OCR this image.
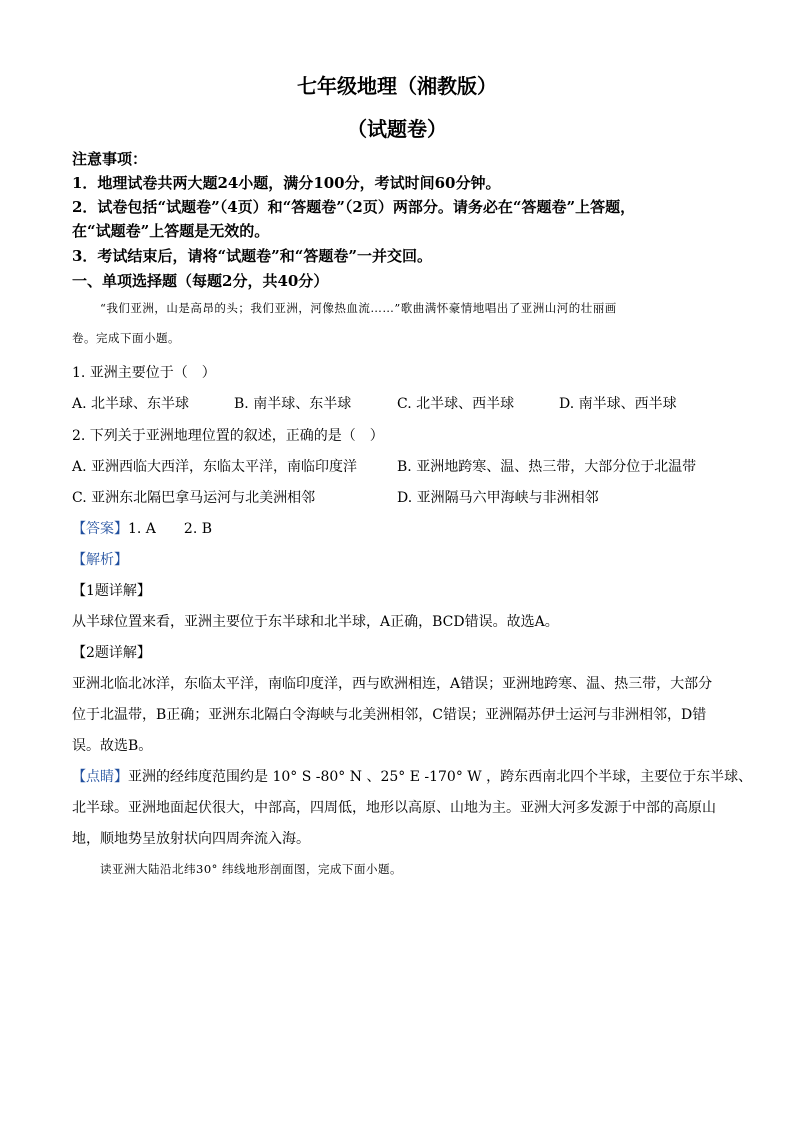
七年级地理（湘教版）
（试题卷）
注意事项：
1．地理试卷共两大题24小题，满分100分，考试时间60分钟。
2．试卷包括“试题卷”（4页）和“答题卷”（2页）两部分。请务必在“答题卷”上答题，
在“试题卷”上答题是无效的。
3．考试结束后，请将“试题卷”和“答题卷”一并交回。
一、单项选择题（每题2分，共40分）
“我们亚洲，山是高昂的头；我们亚洲，河像热血流……”歌曲满怀豪情地唱出了亚洲山河的壮丽画
卷。完成下面小题。
1. 亚洲主要位于（　）
A. 北半球、东半球	B. 南半球、东半球	C. 北半球、西半球	D. 南半球、西半球
2. 下列关于亚洲地理位置的叙述，正确的是（　）
A. 亚洲西临大西洋，东临太平洋，南临印度洋	B. 亚洲地跨寒、温、热三带，大部分位于北温带
C. 亚洲东北隔巴拿马运河与北美洲相邻	D. 亚洲隔马六甲海峡与非洲相邻
【答案】1. A　　2. B
【解析】
【1题详解】
从半球位置来看，亚洲主要位于东半球和北半球，A正确，BCD错误。故选A。
【2题详解】
亚洲北临北冰洋，东临太平洋，南临印度洋，西与欧洲相连，A错误；亚洲地跨寒、温、热三带，大部分
位于北温带，B正确；亚洲东北隔白令海峡与北美洲相邻，C错误；亚洲隔苏伊士运河与非洲相邻，D错
误。故选B。
【点睛】亚洲的经纬度范围约是 10° S -80° N 、25° E -170° W ，跨东西南北四个半球，主要位于东半球、
北半球。亚洲地面起伏很大，中部高，四周低，地形以高原、山地为主。亚洲大河多发源于中部的高原山
地，顺地势呈放射状向四周奔流入海。
读亚洲大陆沿北纬30° 纬线地形剖面图，完成下面小题。
